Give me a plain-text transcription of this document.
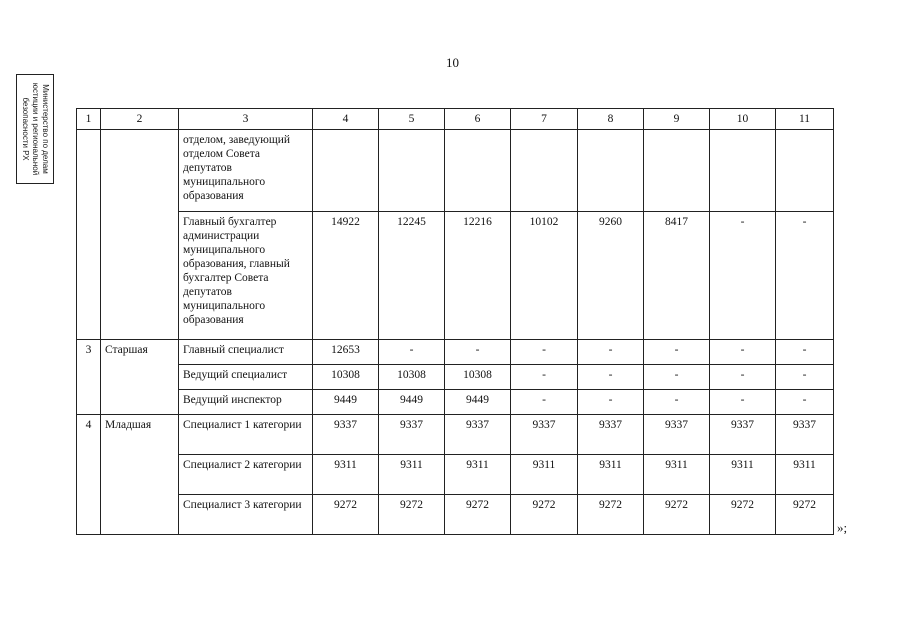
10
Министерство по делам
юстиции и региональной
безопасности РХ	1	2	3	4	5	6	7	8	9	10	11
		отделом, заведующий отделом Совета депутатов муниципального образования								
		Главный бухгалтер администрации муниципального образования, главный бухгалтер Совета депутатов муниципального образования	14922	12245	12216	10102	9260	8417	-	-
3	Старшая	Главный специалист	12653	-	-	-	-	-	-	-
		Ведущий специалист	10308	10308	10308	-	-	-	-	-
		Ведущий инспектор	9449	9449	9449	-	-	-	-	-
4	Младшая	Специалист 1 категории	9337	9337	9337	9337	9337	9337	9337	9337
		Специалист 2 категории	9311	9311	9311	9311	9311	9311	9311	9311
		Специалист 3 категории	9272	9272	9272	9272	9272	9272	9272	9272
»;
